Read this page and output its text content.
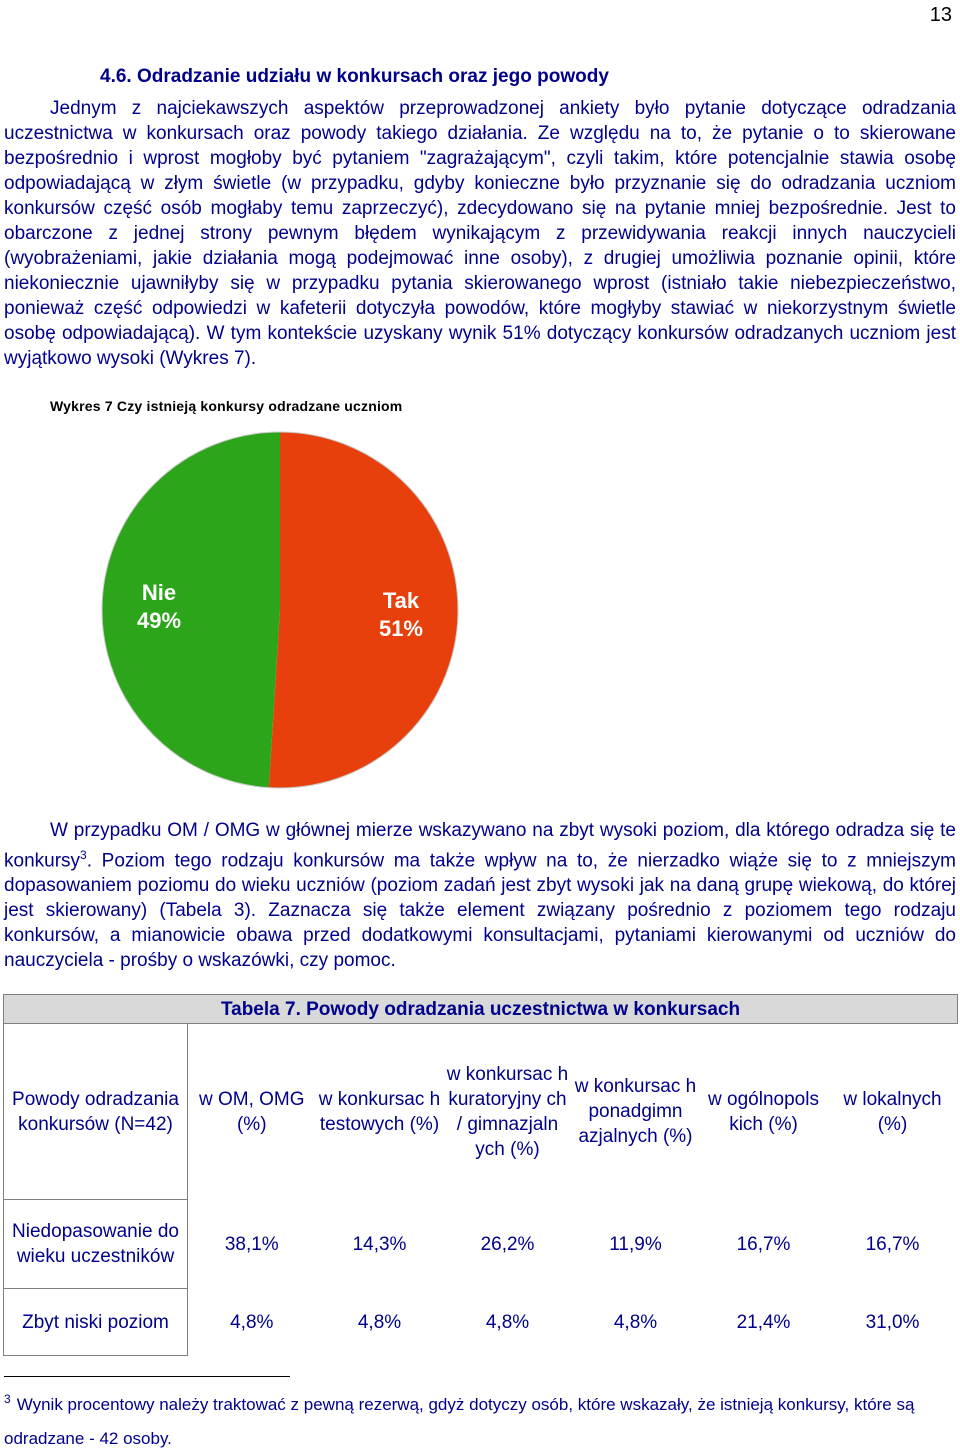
13
4.6. Odradzanie udziału w konkursach oraz jego powody
Jednym z najciekawszych aspektów przeprowadzonej ankiety było pytanie dotyczące odradzania uczestnictwa w konkursach oraz powody takiego działania. Ze względu na to, że pytanie o to skierowane bezpośrednio i wprost mogłoby być pytaniem "zagrażającym", czyli takim, które potencjalnie stawia osobę odpowiadającą w złym świetle (w przypadku, gdyby konieczne było przyznanie się do odradzania uczniom konkursów część osób mogłaby temu zaprzeczyć), zdecydowano się na pytanie mniej bezpośrednie. Jest to obarczone z jednej strony pewnym błędem wynikającym z przewidywania reakcji innych nauczycieli (wyobrażeniami, jakie działania mogą podejmować inne osoby), z drugiej umożliwia poznanie opinii, które niekoniecznie ujawniłyby się w przypadku pytania skierowanego wprost (istniało takie niebezpieczeństwo, ponieważ część odpowiedzi w kafeterii dotyczyła powodów, które mogłyby stawiać w niekorzystnym świetle osobę odpowiadającą). W tym kontekście uzyskany wynik 51% dotyczący konkursów odradzanych uczniom jest wyjątkowo wysoki (Wykres 7).
Wykres 7 Czy istnieją konkursy odradzane uczniom
Tak
51%
Nie
49%
W przypadku OM / OMG w głównej mierze wskazywano na zbyt wysoki poziom, dla którego odradza się te konkursy$^3$. Poziom tego rodzaju konkursów ma także wpływ na to, że nierzadko wiąże się to z mniejszym dopasowaniem poziomu do wieku uczniów (poziom zadań jest zbyt wysoki jak na daną grupę wiekową, do której jest skierowany) (Tabela 3). Zaznacza się także element związany pośrednio z poziomem tego rodzaju konkursów, a mianowicie obawa przed dodatkowymi konsultacjami, pytaniami kierowanymi od uczniów do nauczyciela - prośby o wskazówki, czy pomoc.
Tabela 7. Powody odradzania uczestnictwa w konkursach						
Powody odradzania konkursów (N=42)	w OM, OMG (%)	w konkursac h testowych (%)	w konkursac h kuratoryjny ch / gimnazjaln ych (%)	w konkursac h ponadgimn azjalnych (%)	w ogólnopols kich (%)	w lokalnych (%)
Niedopasowanie do wieku uczestników	38,1%	14,3%	26,2%	11,9%	16,7%	16,7%
Zbyt niski poziom	4,8%	4,8%	4,8%	4,8%	21,4%	31,0%
$^3$ Wynik procentowy należy traktować z pewną rezerwą, gdyż dotyczy osób, które wskazały, że istnieją konkursy, które są odradzane - 42 osoby.
